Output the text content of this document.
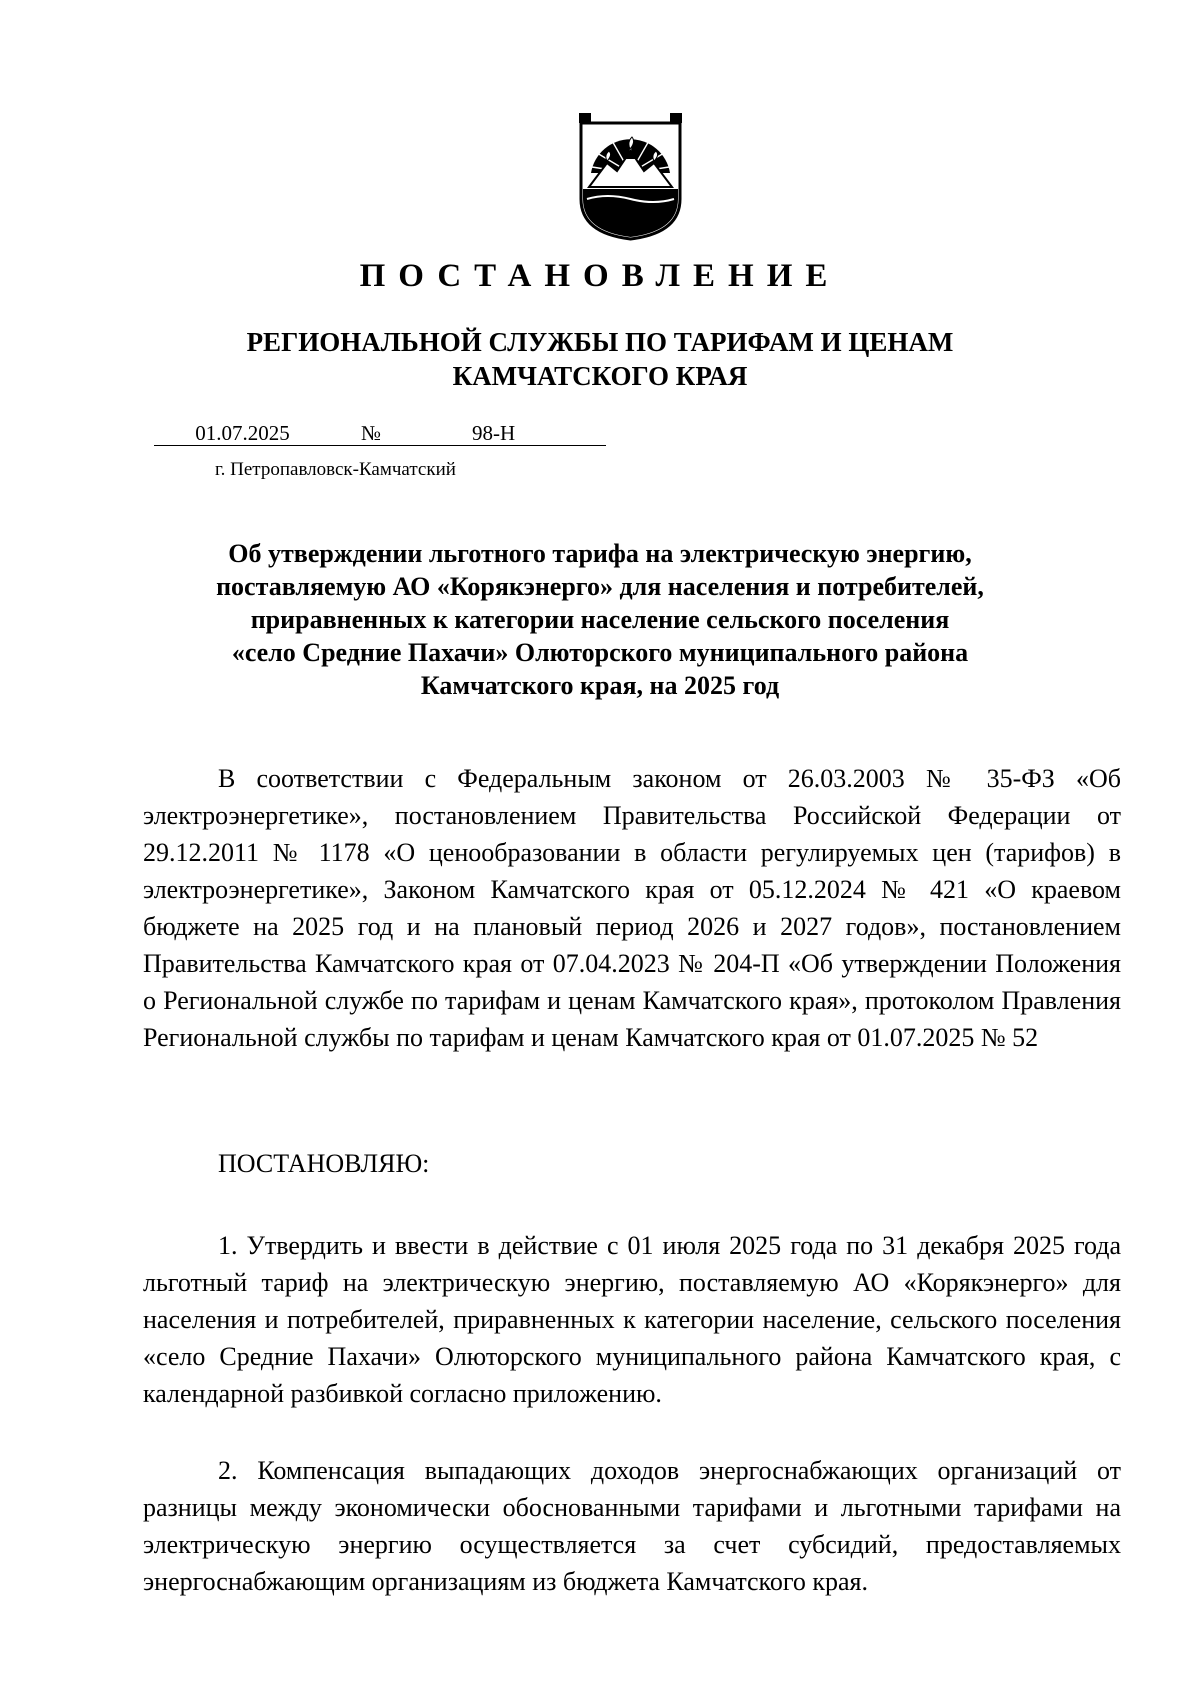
ПОСТАНОВЛЕНИЕ
РЕГИОНАЛЬНОЙ СЛУЖБЫ ПО ТАРИФАМ И ЦЕНАМ
КАМЧАТСКОГО КРАЯ
01.07.2025	№	98-Н
г. Петропавловск-Камчатский
Об утверждении льготного тарифа на электрическую энергию,
поставляемую АО «Корякэнерго» для населения и потребителей,
приравненных к категории население сельского поселения
«село Средние Пахачи» Олюторского муниципального района
Камчатского края, на 2025 год
В соответствии с Федеральным законом от 26.03.2003 № 35-ФЗ «Об электроэнергетике», постановлением Правительства Российской Федерации от 29.12.2011 № 1178 «О ценообразовании в области регулируемых цен (тарифов) в электроэнергетике», Законом Камчатского края от 05.12.2024 № 421 «О краевом бюджете на 2025 год и на плановый период 2026 и 2027 годов», постановлением Правительства Камчатского края от 07.04.2023 № 204-П «Об утверждении Положения о Региональной службе по тарифам и ценам Камчатского края», протоколом Правления Региональной службы по тарифам и ценам Камчатского края от 01.07.2025 № 52
ПОСТАНОВЛЯЮ:
1. Утвердить и ввести в действие с 01 июля 2025 года по 31 декабря 2025 года льготный тариф на электрическую энергию, поставляемую АО «Корякэнерго» для населения и потребителей, приравненных к категории население, сельского поселения «село Средние Пахачи» Олюторского муниципального района Камчатского края, с календарной разбивкой согласно приложению.
2. Компенсация выпадающих доходов энергоснабжающих организаций от разницы между экономически обоснованными тарифами и льготными тарифами на электрическую энергию осуществляется за счет субсидий, предоставляемых энергоснабжающим организациям из бюджета Камчатского края.
